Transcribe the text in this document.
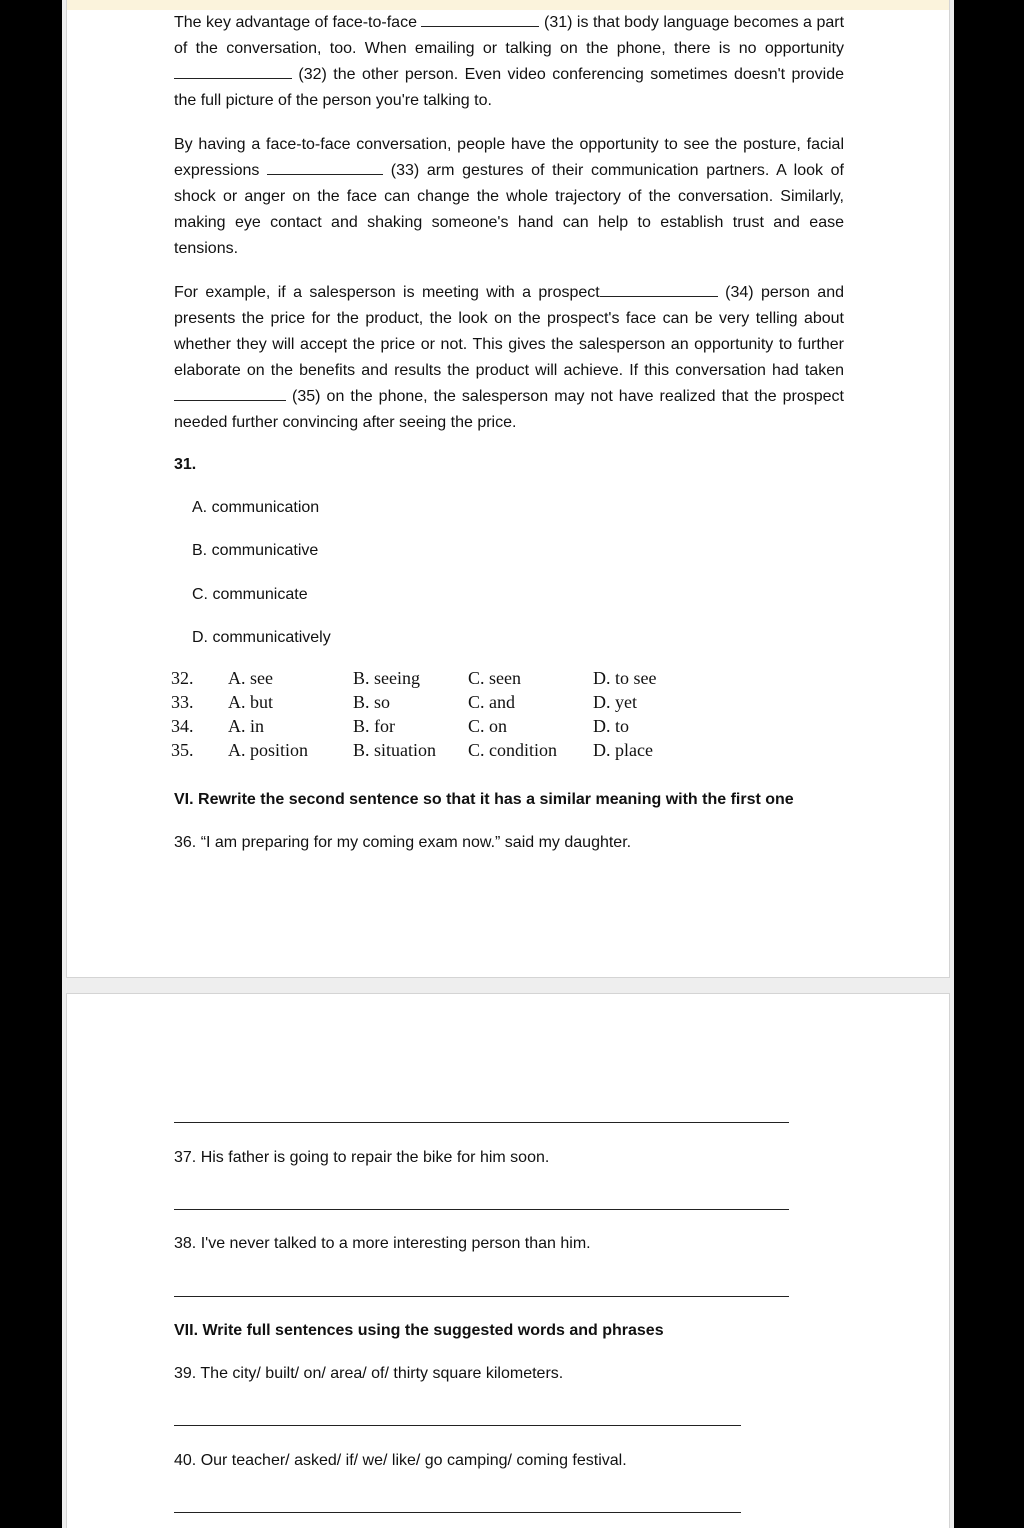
The key advantage of face-to-face	(31) is that body language becomes a part of the conversation, too. When emailing or talking on the phone, there is no opportunity  (32) the other person. Even video conferencing sometimes doesn't provide the full picture of the person you're talking to.

By having a face-to-face conversation, people have the opportunity to see the posture, facial expressions	(33) arm gestures of their communication partners. A look of shock or anger on the face can change the whole trajectory of the conversation. Similarly, making eye contact and shaking someone's hand can help to establish trust and ease tensions.

For example, if a salesperson is meeting with a prospect	(34) person and presents the price for the product, the look on the prospect's face can be very telling about whether they will accept the price or not. This gives the salesperson an opportunity to further elaborate on the benefits and results the product will achieve. If this conversation had taken  (35) on the phone, the salesperson may not have realized that the prospect needed further convincing after seeing the price.

31.
A. communication
B. communicative
C. communicate
D. communicatively
32.	A. see	B. seeing	C. seen	D. to see
33.	A. but	B. so	C. and	D. yet
34.	A. in	B. for	C. on	D. to
35.	A. position	B. situation	C. condition	D. place
VI. Rewrite the second sentence so that it has a similar meaning with the first one
36. “I am preparing for my coming exam now.” said my daughter.
37. His father is going to repair the bike for him soon.
38. I've never talked to a more interesting person than him.
VII. Write full sentences using the suggested words and phrases
39. The city/ built/ on/ area/ of/ thirty square kilometers.
40. Our teacher/ asked/ if/ we/ like/ go camping/ coming festival.
